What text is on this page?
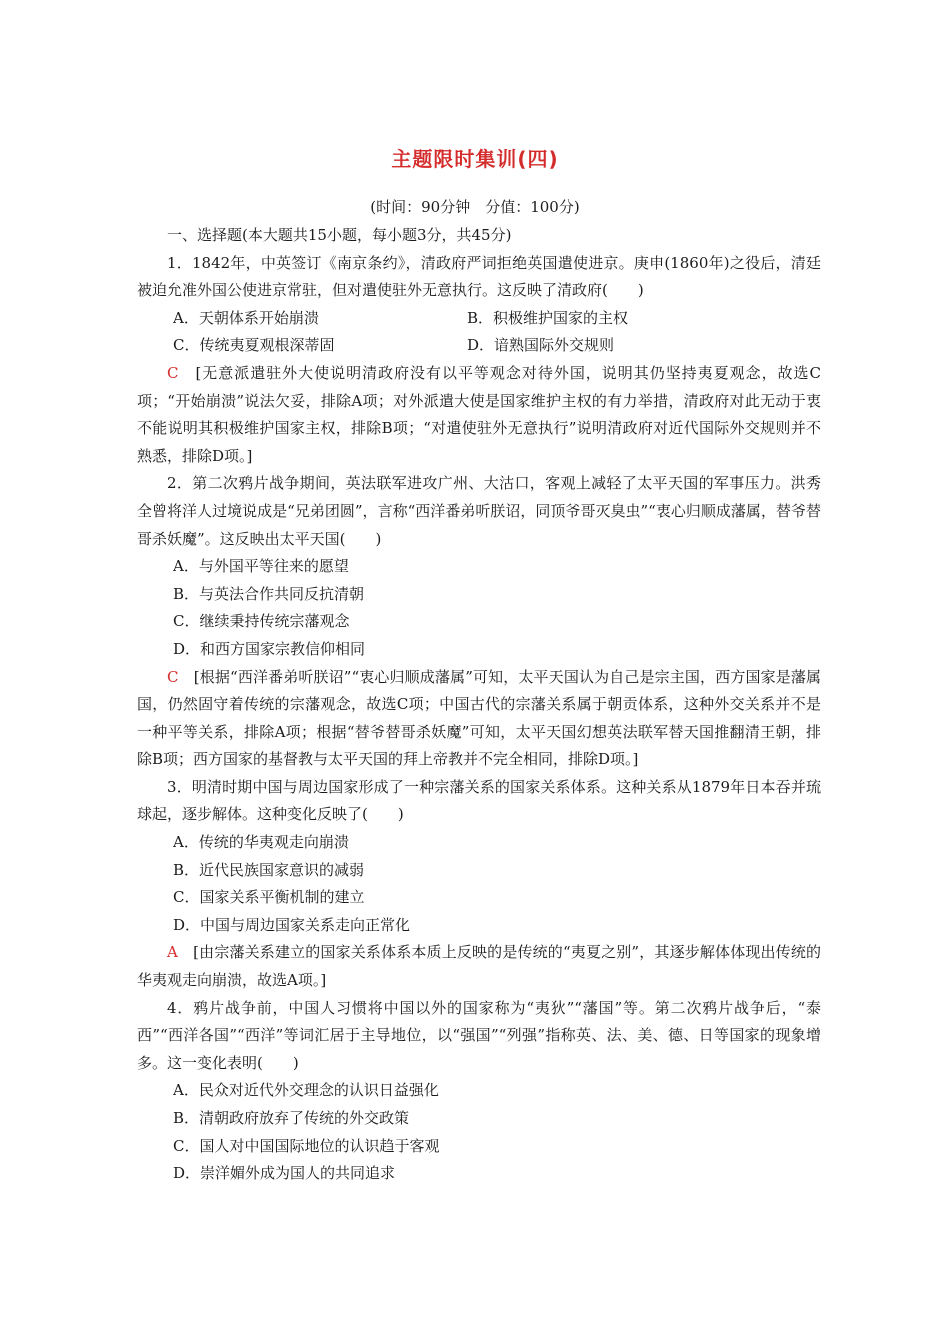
主题限时集训(四)
(时间：90分钟　分值：100分)

一、选择题(本大题共15小题，每小题3分，共45分)

1．1842年，中英签订《南京条约》，清政府严词拒绝英国遣使进京。庚申(1860年)之役后，清廷被迫允准外国公使进京常驻，但对遣使驻外无意执行。这反映了清政府(　　)

A．天朝体系开始崩溃	B．积极维护国家的主权
C．传统夷夏观根深蒂固	D．谙熟国际外交规则

C　[无意派遣驻外大使说明清政府没有以平等观念对待外国，说明其仍坚持夷夏观念，故选C项；“开始崩溃”说法欠妥，排除A项；对外派遣大使是国家维护主权的有力举措，清政府对此无动于衷不能说明其积极维护国家主权，排除B项；“对遣使驻外无意执行”说明清政府对近代国际外交规则并不熟悉，排除D项。]

2．第二次鸦片战争期间，英法联军进攻广州、大沽口，客观上减轻了太平天国的军事压力。洪秀全曾将洋人过境说成是“兄弟团圆”，言称“西洋番弟听朕诏，同顶爷哥灭臭虫”“衷心归顺成藩属，替爷替哥杀妖魔”。这反映出太平天国(　　)

A．与外国平等往来的愿望

B．与英法合作共同反抗清朝

C．继续秉持传统宗藩观念

D．和西方国家宗教信仰相同

C　[根据“西洋番弟听朕诏”“衷心归顺成藩属”可知，太平天国认为自己是宗主国，西方国家是藩属国，仍然固守着传统的宗藩观念，故选C项；中国古代的宗藩关系属于朝贡体系，这种外交关系并不是一种平等关系，排除A项；根据“替爷替哥杀妖魔”可知，太平天国幻想英法联军替天国推翻清王朝，排除B项；西方国家的基督教与太平天国的拜上帝教并不完全相同，排除D项。]

3．明清时期中国与周边国家形成了一种宗藩关系的国家关系体系。这种关系从1879年日本吞并琉球起，逐步解体。这种变化反映了(　　)

A．传统的华夷观走向崩溃

B．近代民族国家意识的减弱

C．国家关系平衡机制的建立

D．中国与周边国家关系走向正常化

A　[由宗藩关系建立的国家关系体系本质上反映的是传统的“夷夏之别”，其逐步解体体现出传统的华夷观走向崩溃，故选A项。]

4．鸦片战争前，中国人习惯将中国以外的国家称为“夷狄”“藩国”等。第二次鸦片战争后，“泰西”“西洋各国”“西洋”等词汇居于主导地位，以“强国”“列强”指称英、法、美、德、日等国家的现象增多。这一变化表明(　　)

A．民众对近代外交理念的认识日益强化

B．清朝政府放弃了传统的外交政策

C．国人对中国国际地位的认识趋于客观

D．崇洋媚外成为国人的共同追求
